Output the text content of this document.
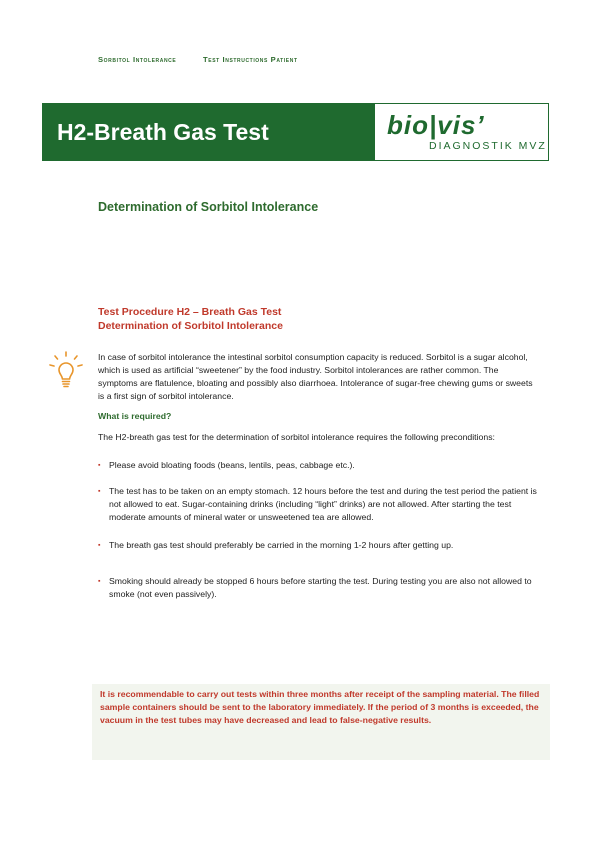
Sorbitol Intolerance	Test Instructions Patient
H2-Breath Gas Test	bio|vis’
DIAGNOSTIK MVZ
Determination of Sorbitol Intolerance
Test Procedure H2 – Breath Gas Test
Determination of Sorbitol Intolerance

In case of sorbitol intolerance the intestinal sorbitol consumption capacity is reduced. Sorbitol is a sugar alcohol, which is used as artificial “sweetener” by the food industry. Sorbitol intolerances are rather common. The symptoms are flatulence, bloating and possibly also diarrhoea. Intolerance of sugar-free chewing gums or sweets is a first sign of sorbitol intolerance.

What is required?

The H2-breath gas test for the determination of sorbitol intolerance requires the following preconditions:

▪ Please avoid bloating foods (beans, lentils, peas, cabbage etc.).
▪ The test has to be taken on an empty stomach. 12 hours before the test and during the test period the patient is not allowed to eat. Sugar-containing drinks (including “light” drinks) are not allowed. After starting the test moderate amounts of mineral water or unsweetened tea are allowed.
▪ The breath gas test should preferably be carried in the morning 1-2 hours after getting up.
▪ Smoking should already be stopped 6 hours before starting the test. During testing you are also not allowed to smoke (not even passively).

It is recommendable to carry out tests within three months after receipt of the sampling material. The filled sample containers should be sent to the laboratory immediately. If the period of 3 months is exceeded, the vacuum in the test tubes may have decreased and lead to false-negative results.
